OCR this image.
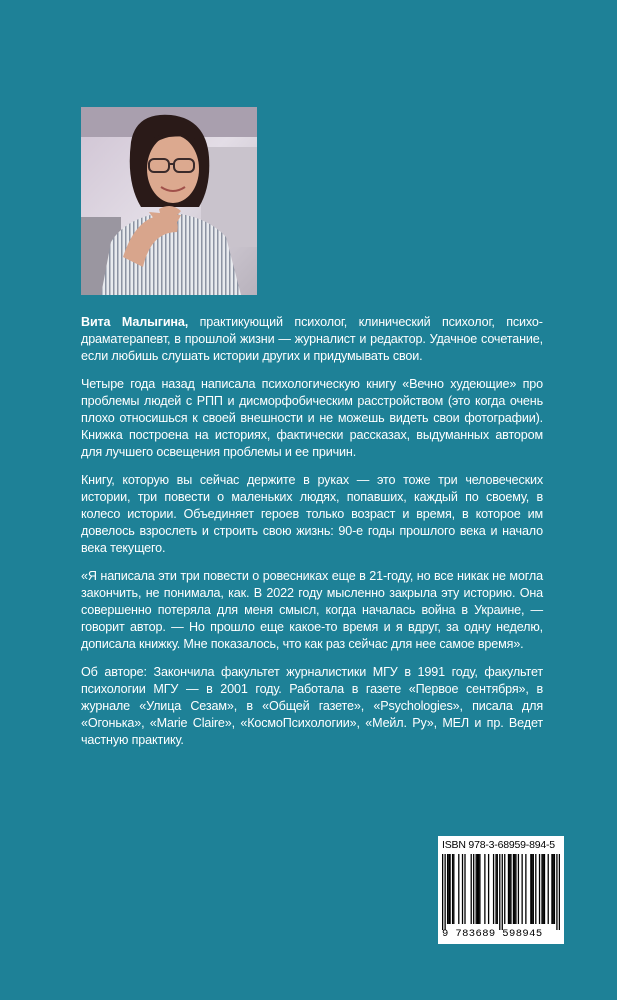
Вита Малыгина, практикующий психолог, клинический психолог, психодраматерапевт, в прошлой жизни — журналист и редактор. Удачное сочетание, если любишь слушать истории других и придумывать свои.

Четыре года назад написала психологическую книгу «Вечно худеющие» про проблемы людей с РПП и дисморфобическим расстройством (это когда очень плохо относишься к своей внешности и не можешь видеть свои фотографии). Книжка построена на историях, фактически рассказах, выдуманных автором для лучшего освещения проблемы и ее причин.

Книгу, которую вы сейчас держите в руках — это тоже три человеческих истории, три повести о маленьких людях, попавших, каждый по своему, в колесо истории. Объединяет героев только возраст и время, в которое им довелось взрослеть и строить свою жизнь: 90-е годы прошлого века и начало века текущего.

«Я написала эти три повести о ровесниках еще в 21-году, но все никак не могла закончить, не понимала, как. В 2022 году мысленно закрыла эту историю. Она совершенно потеряла для меня смысл, когда началась война в Украине, — говорит автор. — Но прошло еще какое-то время и я вдруг, за одну неделю, дописала книжку. Мне показалось, что как раз сейчас для нее самое время».

Об авторе: Закончила факультет журналистики МГУ в 1991 году, факультет психологии МГУ — в 2001 году. Работала в газете «Первое сентября», в журнале «Улица Сезам», в «Общей газете», «Psychologies», писала для «Огонька», «Marie Claire», «КосмоПсихологии», «Мейл. Ру», МЕЛ и пр. Ведет частную практику.

ISBN 978-3-68959-894-5
9 783689 598945
